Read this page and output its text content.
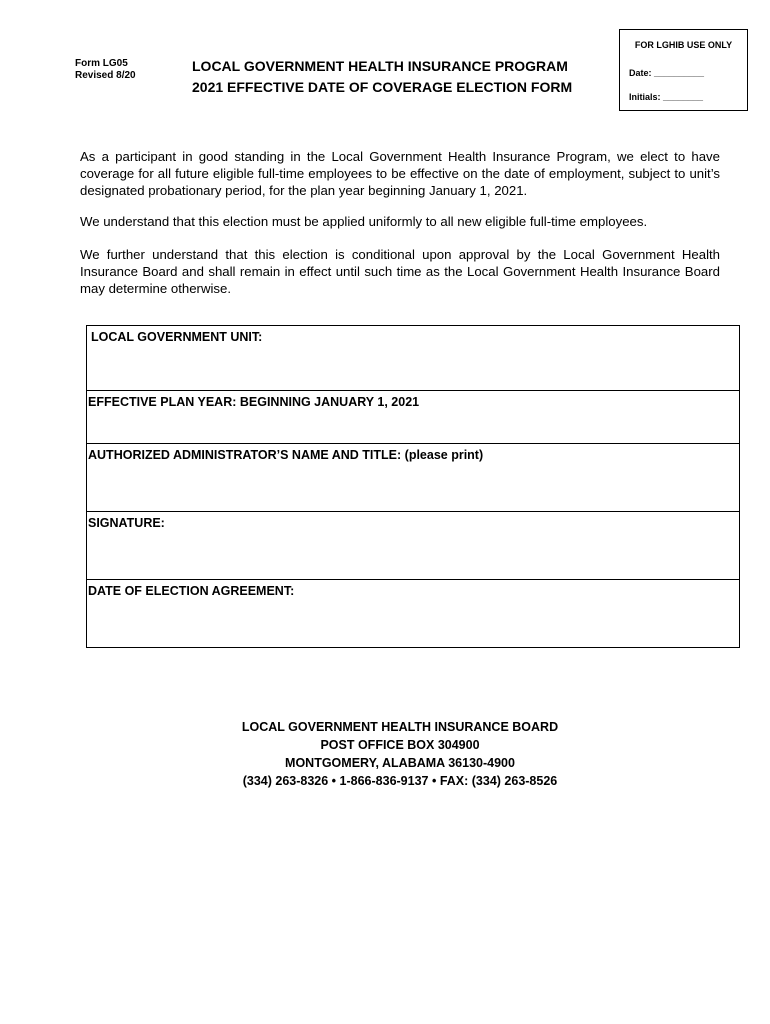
Form LG05
Revised 8/20
LOCAL GOVERNMENT HEALTH INSURANCE PROGRAM
2021 EFFECTIVE DATE OF COVERAGE ELECTION FORM
FOR LGHIB USE ONLY
Date: __________
Initials: ________
As a participant in good standing in the Local Government Health Insurance Program, we elect to have coverage for all future eligible full-time employees to be effective on the date of employment, subject to unit’s designated probationary period, for the plan year beginning January 1, 2021.
We understand that this election must be applied uniformly to all new eligible full-time employees.
We further understand that this election is conditional upon approval by the Local Government Health Insurance Board and shall remain in effect until such time as the Local Government Health Insurance Board may determine otherwise.
LOCAL GOVERNMENT UNIT:
EFFECTIVE PLAN YEAR: BEGINNING JANUARY 1, 2021
AUTHORIZED ADMINISTRATOR’S NAME AND TITLE: (please print)
SIGNATURE:
DATE OF ELECTION AGREEMENT:
LOCAL GOVERNMENT HEALTH INSURANCE BOARD
POST OFFICE BOX 304900
MONTGOMERY, ALABAMA 36130-4900
(334) 263-8326 • 1-866-836-9137 • FAX: (334) 263-8526
